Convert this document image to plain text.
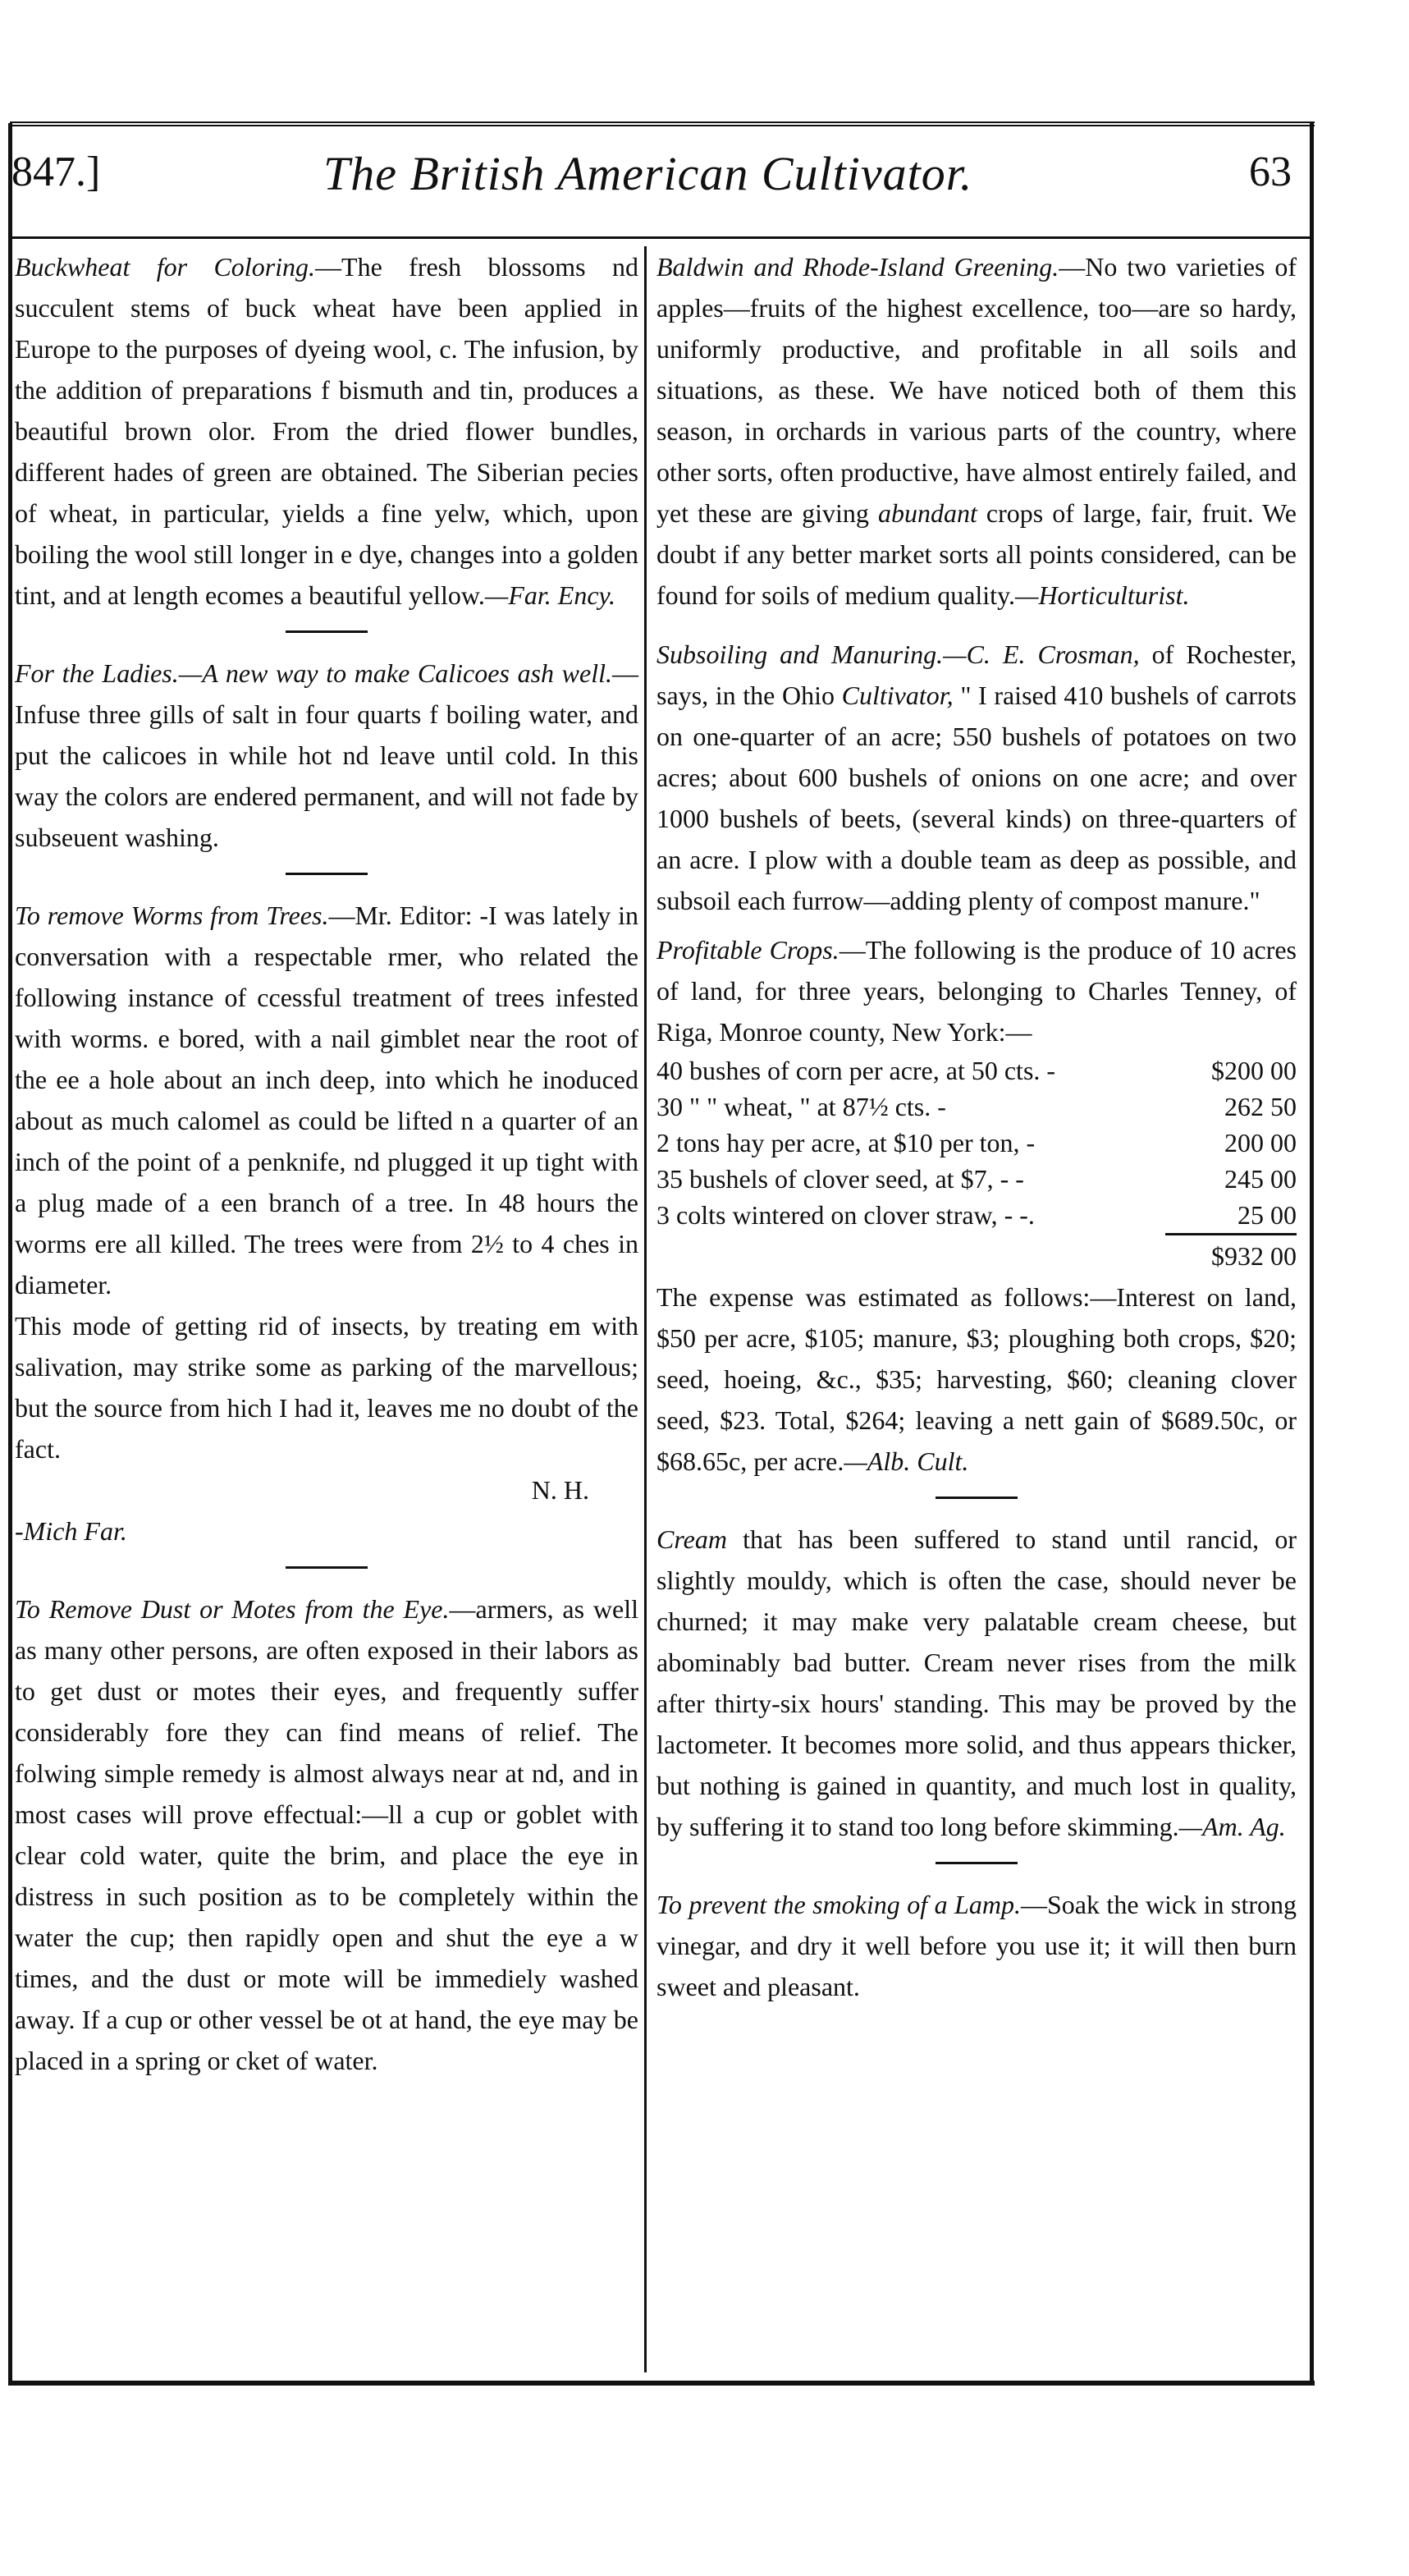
847.]	The British American Cultivator.	63

Buckwheat for Coloring.—The fresh blossoms nd succulent stems of buck wheat have been applied in Europe to the purposes of dyeing wool, c. The infusion, by the addition of preparations f bismuth and tin, produces a beautiful brown olor. From the dried flower bundles, different hades of green are obtained. The Siberian pecies of wheat, in particular, yields a fine yelw, which, upon boiling the wool still longer in e dye, changes into a golden tint, and at length ecomes a beautiful yellow.—Far. Ency.

For the Ladies.—A new way to make Calicoes ash well.—Infuse three gills of salt in four quarts f boiling water, and put the calicoes in while hot nd leave until cold. In this way the colors are endered permanent, and will not fade by subseuent washing.

To remove Worms from Trees.—Mr. Editor: -I was lately in conversation with a respectable rmer, who related the following instance of ccessful treatment of trees infested with worms. e bored, with a nail gimblet near the root of the ee a hole about an inch deep, into which he inoduced about as much calomel as could be lifted n a quarter of an inch of the point of a penknife, nd plugged it up tight with a plug made of a een branch of a tree. In 48 hours the worms ere all killed. The trees were from 2½ to 4 ches in diameter.

This mode of getting rid of insects, by treating em with salivation, may strike some as parking of the marvellous; but the source from hich I had it, leaves me no doubt of the fact.

N. H.

-Mich Far.

To Remove Dust or Motes from the Eye.—armers, as well as many other persons, are often exposed in their labors as to get dust or motes their eyes, and frequently suffer considerably fore they can find means of relief. The folwing simple remedy is almost always near at nd, and in most cases will prove effectual:—ll a cup or goblet with clear cold water, quite the brim, and place the eye in distress in such position as to be completely within the water the cup; then rapidly open and shut the eye a w times, and the dust or mote will be immediely washed away. If a cup or other vessel be ot at hand, the eye may be placed in a spring or cket of water.

Baldwin and Rhode-Island Greening.—No two varieties of apples—fruits of the highest excellence, too—are so hardy, uniformly productive, and profitable in all soils and situations, as these. We have noticed both of them this season, in orchards in various parts of the country, where other sorts, often productive, have almost entirely failed, and yet these are giving abundant crops of large, fair, fruit. We doubt if any better market sorts all points considered, can be found for soils of medium quality.—Horticulturist.

Subsoiling and Manuring.—C. E. Crosman, of Rochester, says, in the Ohio Cultivator, " I raised 410 bushels of carrots on one-quarter of an acre; 550 bushels of potatoes on two acres; about 600 bushels of onions on one acre; and over 1000 bushels of beets, (several kinds) on three-quarters of an acre. I plow with a double team as deep as possible, and subsoil each furrow—adding plenty of compost manure."

Profitable Crops.—The following is the produce of 10 acres of land, for three years, belonging to Charles Tenney, of Riga, Monroe county, New York:—

40 bushes of corn per acre, at 50 cts. -	$200 00
30 " " wheat, " at 87½ cts. -	262 50
2 tons hay per acre, at $10 per ton, -	200 00
35 bushels of clover seed, at $7, - -	245 00
3 colts wintered on clover straw, - -.	25 00
$932 00

The expense was estimated as follows:—Interest on land, $50 per acre, $105; manure, $3; ploughing both crops, $20; seed, hoeing, &c., $35; harvesting, $60; cleaning clover seed, $23. Total, $264; leaving a nett gain of $689.50c, or $68.65c, per acre.—Alb. Cult.

Cream that has been suffered to stand until rancid, or slightly mouldy, which is often the case, should never be churned; it may make very palatable cream cheese, but abominably bad butter. Cream never rises from the milk after thirty-six hours' standing. This may be proved by the lactometer. It becomes more solid, and thus appears thicker, but nothing is gained in quantity, and much lost in quality, by suffering it to stand too long before skimming.—Am. Ag.

To prevent the smoking of a Lamp.—Soak the wick in strong vinegar, and dry it well before you use it; it will then burn sweet and pleasant.
